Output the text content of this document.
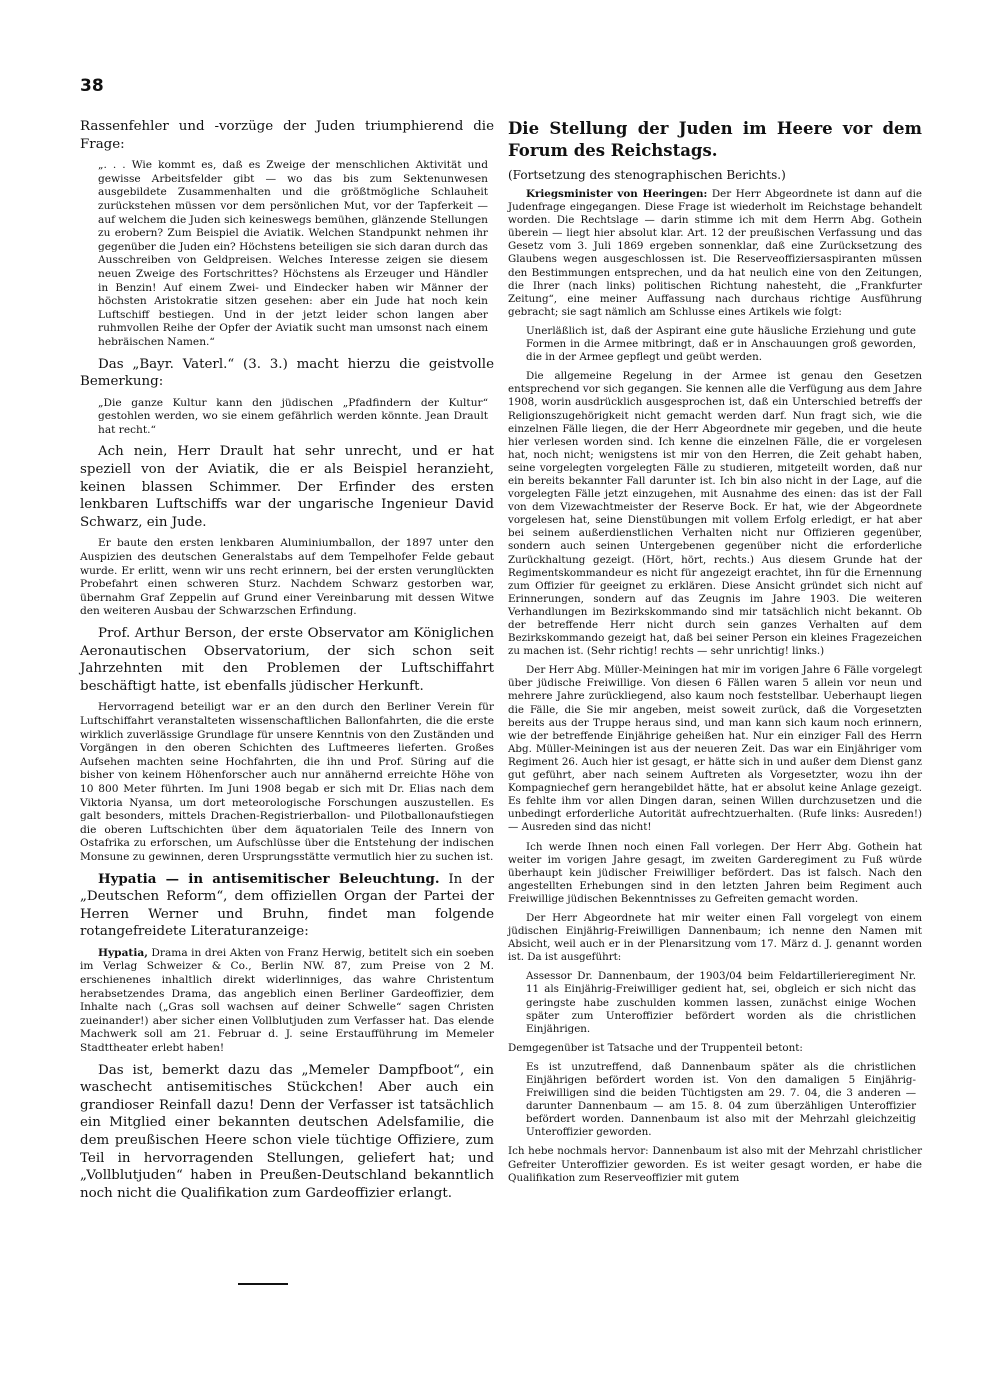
38

Rassenfehler und -vorzüge der Juden triumphierend die Frage:

„. . . Wie kommt es, daß es Zweige der menschlichen Aktivität und gewisse Arbeitsfelder gibt — wo das bis zum Sektenunwesen ausgebildete Zusammenhalten und die größtmögliche Schlauheit zurückstehen müssen vor dem persönlichen Mut, vor der Tapferkeit — auf welchem die Juden sich keineswegs bemühen, glänzende Stellungen zu erobern? Zum Beispiel die Aviatik. Welchen Standpunkt nehmen ihr gegenüber die Juden ein? Höchstens beteiligen sie sich daran durch das Ausschreiben von Geldpreisen. Welches Interesse zeigen sie diesem neuen Zweige des Fortschrittes? Höchstens als Erzeuger und Händler in Benzin! Auf einem Zwei- und Eindecker haben wir Männer der höchsten Aristokratie sitzen gesehen: aber ein Jude hat noch kein Luftschiff bestiegen. Und in der jetzt leider schon langen aber ruhmvollen Reihe der Opfer der Aviatik sucht man umsonst nach einem hebräischen Namen.“

Das „Bayr. Vaterl.“ (3. 3.) macht hierzu die geistvolle Bemerkung:

„Die ganze Kultur kann den jüdischen „Pfadfindern der Kultur“ gestohlen werden, wo sie einem gefährlich werden könnte. Jean Drault hat recht.“

Ach nein, Herr Drault hat sehr unrecht, und er hat speziell von der Aviatik, die er als Beispiel heranzieht, keinen blassen Schimmer. Der Erfinder des ersten lenkbaren Luftschiffs war der ungarische Ingenieur David Schwarz, ein Jude.

Er baute den ersten lenkbaren Aluminiumballon, der 1897 unter den Auspizien des deutschen Generalstabs auf dem Tempelhofer Felde gebaut wurde. Er erlitt, wenn wir uns recht erinnern, bei der ersten verunglückten Probefahrt einen schweren Sturz. Nachdem Schwarz gestorben war, übernahm Graf Zeppelin auf Grund einer Vereinbarung mit dessen Witwe den weiteren Ausbau der Schwarzschen Erfindung.

Prof. Arthur Berson, der erste Observator am Königlichen Aeronautischen Observatorium, der sich schon seit Jahrzehnten mit den Problemen der Luftschiffahrt beschäftigt hatte, ist ebenfalls jüdischer Herkunft.

Hervorragend beteiligt war er an den durch den Berliner Verein für Luftschiffahrt veranstalteten wissenschaftlichen Ballonfahrten, die die erste wirklich zuverlässige Grundlage für unsere Kenntnis von den Zuständen und Vorgängen in den oberen Schichten des Luftmeeres lieferten. Großes Aufsehen machten seine Hochfahrten, die ihn und Prof. Süring auf die bisher von keinem Höhenforscher auch nur annähernd erreichte Höhe von 10 800 Meter führten. Im Juni 1908 begab er sich mit Dr. Elias nach dem Viktoria Nyansa, um dort meteorologische Forschungen auszustellen. Es galt besonders, mittels Drachen-Registrierballon- und Pilotballonaufstiegen die oberen Luftschichten über dem äquatorialen Teile des Innern von Ostafrika zu erforschen, um Aufschlüsse über die Entstehung der indischen Monsune zu gewinnen, deren Ursprungsstätte vermutlich hier zu suchen ist.

Hypatia — in antisemitischer Beleuchtung. In der „Deutschen Reform“, dem offiziellen Organ der Partei der Herren Werner und Bruhn, findet man folgende rotangefreidete Literaturanzeige:

Hypatia, Drama in drei Akten von Franz Herwig, betitelt sich ein soeben im Verlag Schweizer & Co., Berlin NW. 87, zum Preise von 2 M. erschienenes inhaltlich direkt widerlinniges, das wahre Christentum herabsetzendes Drama, das angeblich einen Berliner Gardeoffizier, dem Inhalte nach („Gras soll wachsen auf deiner Schwelle“ sagen Christen zueinander!) aber sicher einen Vollblutjuden zum Verfasser hat. Das elende Machwerk soll am 21. Februar d. J. seine Erstaufführung im Memeler Stadttheater erlebt haben!

Das ist, bemerkt dazu das „Memeler Dampfboot“, ein waschecht antisemitisches Stückchen! Aber auch ein grandioser Reinfall dazu! Denn der Verfasser ist tatsächlich ein Mitglied einer bekannten deutschen Adelsfamilie, die dem preußischen Heere schon viele tüchtige Offiziere, zum Teil in hervorragenden Stellungen, geliefert hat; und „Vollblutjuden“ haben in Preußen-Deutschland bekanntlich noch nicht die Qualifikation zum Gardeoffizier erlangt.

Die Stellung der Juden im Heere vor dem Forum des Reichstags.

(Fortsetzung des stenographischen Berichts.)

Kriegsminister von Heeringen: Der Herr Abgeordnete ist dann auf die Judenfrage eingegangen. Diese Frage ist wiederholt im Reichstage behandelt worden. Die Rechtslage — darin stimme ich mit dem Herrn Abg. Gothein überein — liegt hier absolut klar. Art. 12 der preußischen Verfassung und das Gesetz vom 3. Juli 1869 ergeben sonnenklar, daß eine Zurücksetzung des Glaubens wegen ausgeschlossen ist. Die Reserveoffiziersaspiranten müssen den Bestimmungen entsprechen, und da hat neulich eine von den Zeitungen, die Ihrer (nach links) politischen Richtung nahesteht, die „Frankfurter Zeitung“, eine meiner Auffassung nach durchaus richtige Ausführung gebracht; sie sagt nämlich am Schlusse eines Artikels wie folgt:

Unerläßlich ist, daß der Aspirant eine gute häusliche Erziehung und gute Formen in die Armee mitbringt, daß er in Anschauungen groß geworden, die in der Armee gepflegt und geübt werden.

Die allgemeine Regelung in der Armee ist genau den Gesetzen entsprechend vor sich gegangen. Sie kennen alle die Verfügung aus dem Jahre 1908, worin ausdrücklich ausgesprochen ist, daß ein Unterschied betreffs der Religionszugehörigkeit nicht gemacht werden darf. Nun fragt sich, wie die einzelnen Fälle liegen, die der Herr Abgeordnete mir gegeben, und die heute hier verlesen worden sind. Ich kenne die einzelnen Fälle, die er vorgelesen hat, noch nicht; wenigstens ist mir von den Herren, die Zeit gehabt haben, seine vorgelegten vorgelegten Fälle zu studieren, mitgeteilt worden, daß nur ein bereits bekannter Fall darunter ist. Ich bin also nicht in der Lage, auf die vorgelegten Fälle jetzt einzugehen, mit Ausnahme des einen: das ist der Fall von dem Vizewachtmeister der Reserve Bock. Er hat, wie der Abgeordnete vorgelesen hat, seine Dienstübungen mit vollem Erfolg erledigt, er hat aber bei seinem außerdienstlichen Verhalten nicht nur Offizieren gegenüber, sondern auch seinen Untergebenen gegenüber nicht die erforderliche Zurückhaltung gezeigt. (Hört, hört, rechts.) Aus diesem Grunde hat der Regimentskommandeur es nicht für angezeigt erachtet, ihn für die Ernennung zum Offizier für geeignet zu erklären. Diese Ansicht gründet sich nicht auf Erinnerungen, sondern auf das Zeugnis im Jahre 1903. Die weiteren Verhandlungen im Bezirkskommando sind mir tatsächlich nicht bekannt. Ob der betreffende Herr nicht durch sein ganzes Verhalten auf dem Bezirkskommando gezeigt hat, daß bei seiner Person ein kleines Fragezeichen zu machen ist. (Sehr richtig! rechts — sehr unrichtig! links.)

Der Herr Abg. Müller-Meiningen hat mir im vorigen Jahre 6 Fälle vorgelegt über jüdische Freiwillige. Von diesen 6 Fällen waren 5 allein vor neun und mehrere Jahre zurückliegend, also kaum noch feststellbar. Ueberhaupt liegen die Fälle, die Sie mir angeben, meist soweit zurück, daß die Vorgesetzten bereits aus der Truppe heraus sind, und man kann sich kaum noch erinnern, wie der betreffende Einjährige geheißen hat. Nur ein einziger Fall des Herrn Abg. Müller-Meiningen ist aus der neueren Zeit. Das war ein Einjähriger vom Regiment 26. Auch hier ist gesagt, er hätte sich in und außer dem Dienst ganz gut geführt, aber nach seinem Auftreten als Vorgesetzter, wozu ihn der Kompagniechef gern herangebildet hätte, hat er absolut keine Anlage gezeigt. Es fehlte ihm vor allen Dingen daran, seinen Willen durchzusetzen und die unbedingt erforderliche Autorität aufrechtzuerhalten. (Rufe links: Ausreden!) — Ausreden sind das nicht!

Ich werde Ihnen noch einen Fall vorlegen. Der Herr Abg. Gothein hat weiter im vorigen Jahre gesagt, im zweiten Garderegiment zu Fuß würde überhaupt kein jüdischer Freiwilliger befördert. Das ist falsch. Nach den angestellten Erhebungen sind in den letzten Jahren beim Regiment auch Freiwillige jüdischen Bekenntnisses zu Gefreiten gemacht worden.

Der Herr Abgeordnete hat mir weiter einen Fall vorgelegt von einem jüdischen Einjährig-Freiwilligen Dannenbaum; ich nenne den Namen mit Absicht, weil auch er in der Plenarsitzung vom 17. März d. J. genannt worden ist. Da ist ausgeführt:

Assessor Dr. Dannenbaum, der 1903/04 beim Feldartillerieregiment Nr. 11 als Einjährig-Freiwilliger gedient hat, sei, obgleich er sich nicht das geringste habe zuschulden kommen lassen, zunächst einige Wochen später zum Unteroffizier befördert worden als die christlichen Einjährigen.

Demgegenüber ist Tatsache und der Truppenteil betont:

Es ist unzutreffend, daß Dannenbaum später als die christlichen Einjährigen befördert worden ist. Von den damaligen 5 Einjährig-Freiwilligen sind die beiden Tüchtigsten am 29. 7. 04, die 3 anderen — darunter Dannenbaum — am 15. 8. 04 zum überzähligen Unteroffizier befördert worden. Dannenbaum ist also mit der Mehrzahl gleichzeitig Unteroffizier geworden.

Ich hebe nochmals hervor: Dannenbaum ist also mit der Mehrzahl christlicher Gefreiter Unteroffizier geworden. Es ist weiter gesagt worden, er habe die Qualifikation zum Reserveoffizier mit gutem
